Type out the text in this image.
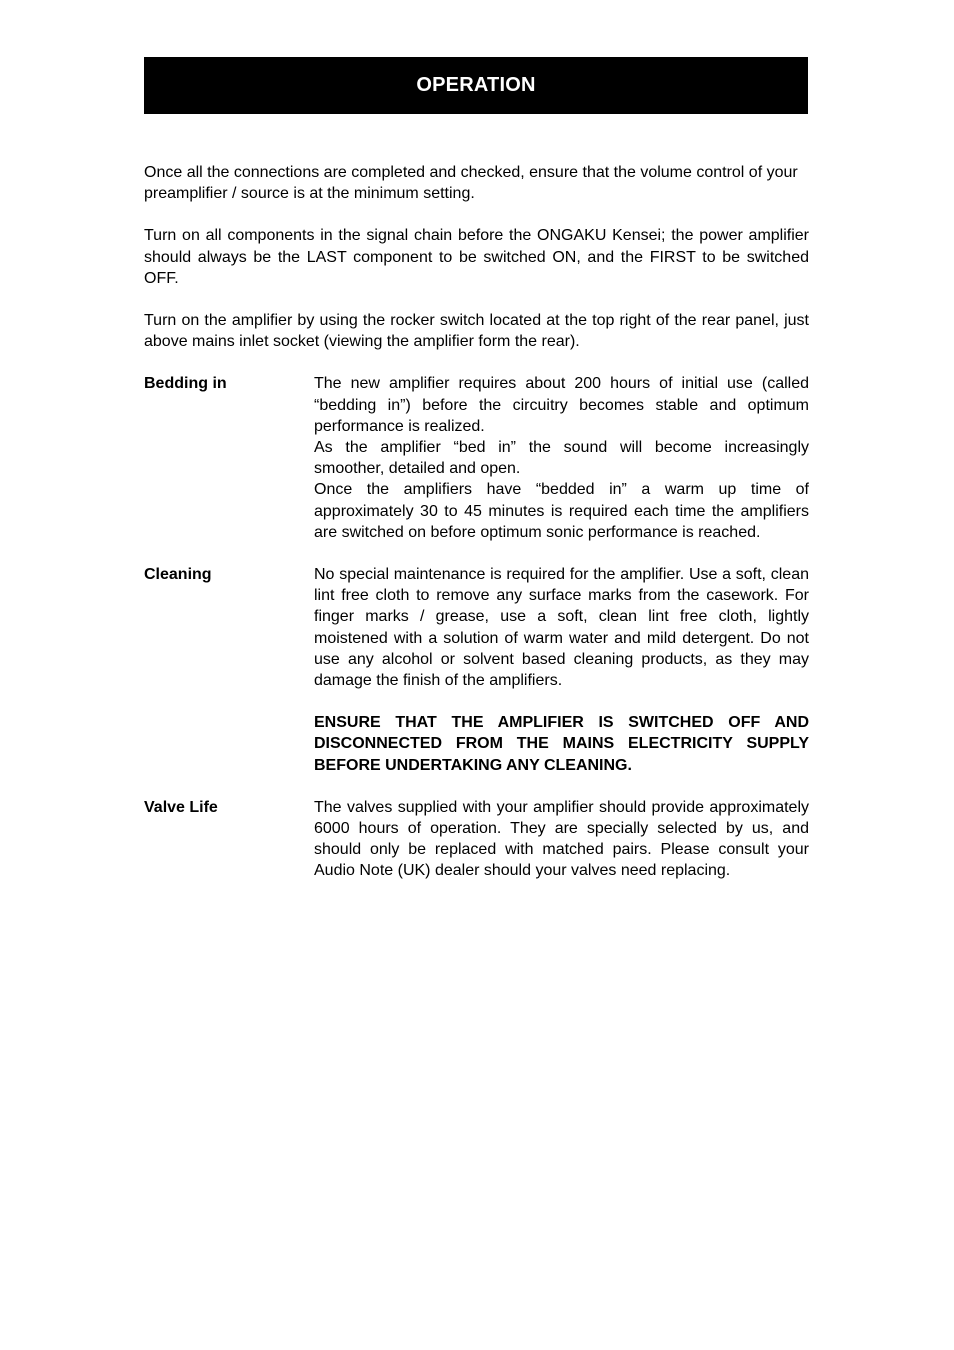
OPERATION

Once all the connections are completed and checked, ensure that the volume control of your preamplifier / source is at the minimum setting.

Turn on all components in the signal chain before the ONGAKU Kensei; the power amplifier should always be the LAST component to be switched ON, and the FIRST to be switched OFF.

Turn on the amplifier by using the rocker switch located at the top right of the rear panel, just above mains inlet socket (viewing the amplifier form the rear).

Bedding in	The new amplifier requires about 200 hours of initial use (called “bedding in”) before the circuitry becomes stable and optimum performance is realized.

As the amplifier “bed in” the sound will become increasingly smoother, detailed and open.

Once the amplifiers have “bedded in” a warm up time of approximately 30 to 45 minutes is required each time the amplifiers are switched on before optimum sonic performance is reached.

Cleaning	No special maintenance is required for the amplifier. Use a soft, clean lint free cloth to remove any surface marks from the casework. For finger marks / grease, use a soft, clean lint free cloth, lightly moistened with a solution of warm water and mild detergent. Do not use any alcohol or solvent based cleaning products, as they may damage the finish of the amplifiers.

ENSURE THAT THE AMPLIFIER IS SWITCHED OFF AND DISCONNECTED FROM THE MAINS ELECTRICITY SUPPLY BEFORE UNDERTAKING ANY CLEANING.

Valve Life	The valves supplied with your amplifier should provide approximately 6000 hours of operation. They are specially selected by us, and should only be replaced with matched pairs. Please consult your Audio Note (UK) dealer should your valves need replacing.
